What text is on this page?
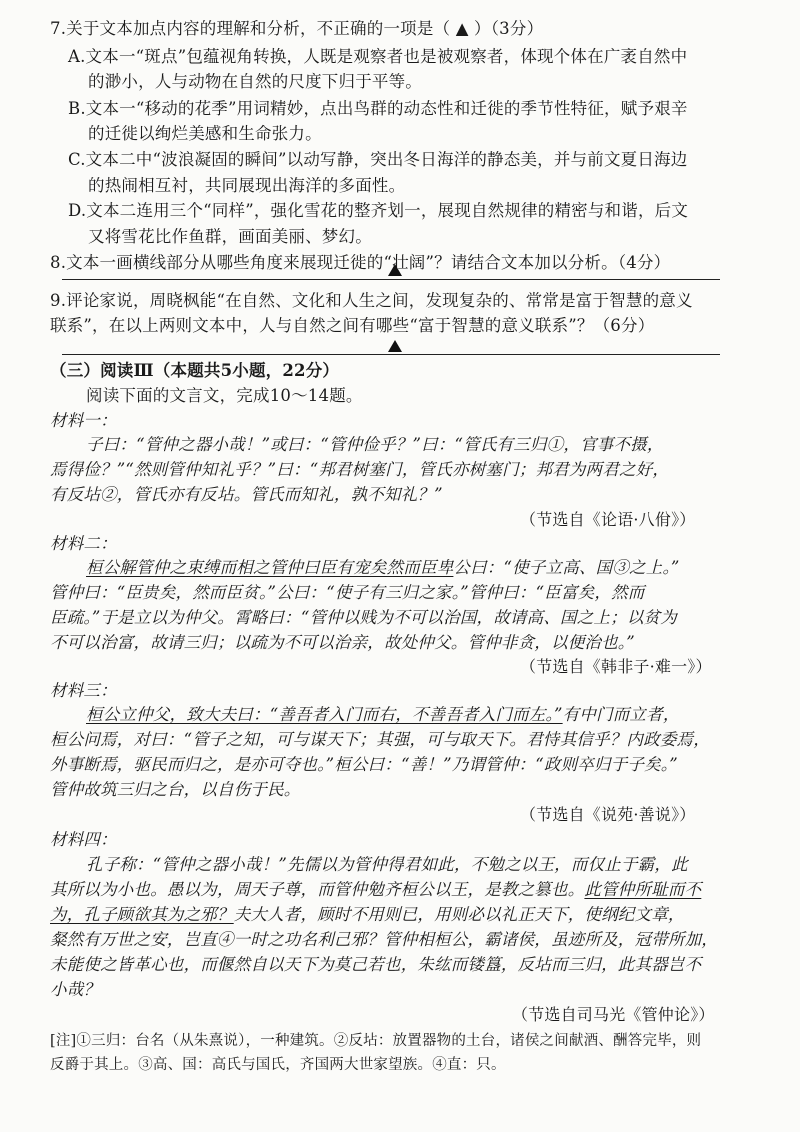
7.关于文本加点内容的理解和分析，不正确的一项是（ ▲ ）（3分）
A.文本一“斑点”包蕴视角转换，人既是观察者也是被观察者，体现个体在广袤自然中
的渺小，人与动物在自然的尺度下归于平等。
B.文本一“移动的花季”用词精妙，点出鸟群的动态性和迁徙的季节性特征，赋予艰辛
的迁徙以绚烂美感和生命张力。
C.文本二中“波浪凝固的瞬间”以动写静，突出冬日海洋的静态美，并与前文夏日海边
的热闹相互衬，共同展现出海洋的多面性。
D.文本二连用三个“同样”，强化雪花的整齐划一，展现自然规律的精密与和谐，后文
又将雪花比作鱼群，画面美丽、梦幻。
8.文本一画横线部分从哪些角度来展现迁徙的“壮阔”？请结合文本加以分析。（4分）
9.评论家说，周晓枫能“在自然、文化和人生之间，发现复杂的、常常是富于智慧的意义
联系”，在以上两则文本中，人与自然之间有哪些“富于智慧的意义联系”？（6分）
（三）阅读Ⅲ（本题共5小题，22分）
阅读下面的文言文，完成10～14题。
材料一：
子曰：“管仲之器小哉！”或曰：“管仲俭乎？”曰：“管氏有三归①，官事不摄，
焉得俭？”“然则管仲知礼乎？”曰：“邦君树塞门，管氏亦树塞门；邦君为两君之好，
有反坫②，管氏亦有反坫。管氏而知礼，孰不知礼？”
（节选自《论语·八佾》）
材料二：
桓公解管仲之束缚而相之管仲曰臣有宠矣然而臣卑公曰：“使子立高、国③之上。”
管仲曰：“臣贵矣，然而臣贫。”公曰：“使子有三归之家。”管仲曰：“臣富矣，然而
臣疏。”于是立以为仲父。霄略曰：“管仲以贱为不可以治国，故请高、国之上；以贫为
不可以治富，故请三归；以疏为不可以治亲，故处仲父。管仲非贪，以便治也。”
（节选自《韩非子·难一》）
材料三：
桓公立仲父，致大夫曰：“善吾者入门而右，不善吾者入门而左。”有中门而立者，
桓公问焉，对曰：“管子之知，可与谋天下；其强，可与取天下。君恃其信乎？内政委焉，
外事断焉，驱民而归之，是亦可夺也。”桓公曰：“善！”乃谓管仲：“政则卒归于子矣。”
管仲故筑三归之台，以自伤于民。
（节选自《说苑·善说》）
材料四：
孔子称：“管仲之器小哉！”先儒以为管仲得君如此，不勉之以王，而仅止于霸，此
其所以为小也。愚以为，周天子尊，而管仲勉齐桓公以王，是教之篡也。此管仲所耻而不
为，孔子顾欲其为之邪？夫大人者，顾时不用则已，用则必以礼正天下，使纲纪文章，
粲然有万世之安，岂直④一时之功名利己邪？管仲相桓公，霸诸侯，虽迹所及，冠带所加，
未能使之皆革心也，而偃然自以天下为莫己若也，朱纮而镂簋，反坫而三归，此其器岂不
小哉？
（节选自司马光《管仲论》）
[注]①三归：台名（从朱熹说），一种建筑。②反坫：放置器物的土台，诸侯之间献酒、酬答完毕，则
反爵于其上。③高、国：高氏与国氏，齐国两大世家望族。④直：只。
